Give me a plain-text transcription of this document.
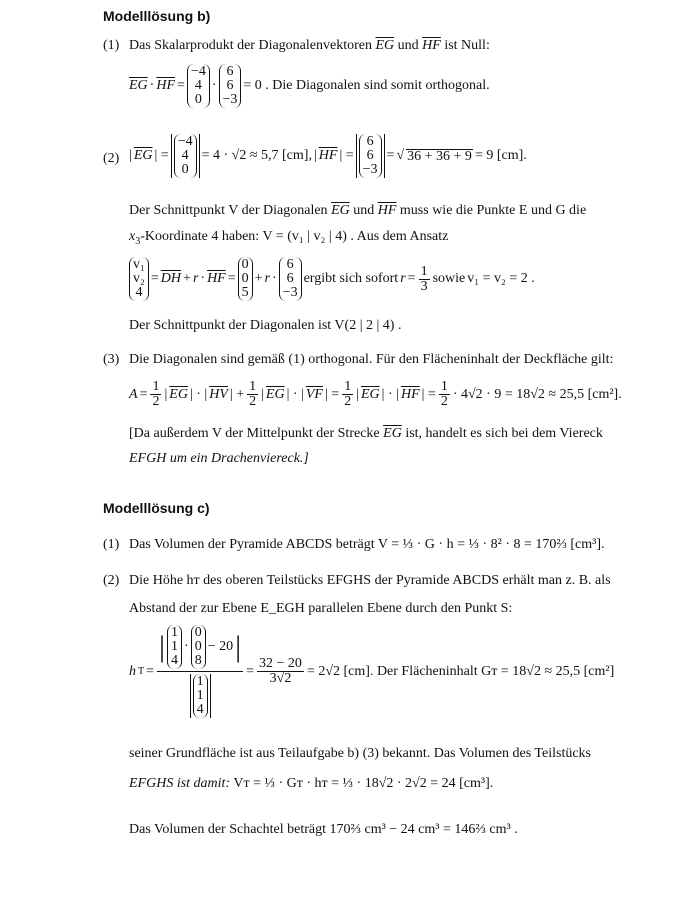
Modelllösung b)
(1) Das Skalarprodukt der Diagonalenvektoren $\overline{EG}$ und $\overline{HF}$ ist Null:
$\overline{EG} \cdot \overline{HF}$ =
−4
4
0
·
6
6
−3
= 0 . Die Diagonalen sind somit orthogonal.
(2) | $\overline{EG}$ | =
−4
4
0
= 4 · √2 ≈ 5,7 [cm], | $\overline{HF}$ | =
6
6
−3
= √ 36 + 36 + 9 = 9 [cm].
Der Schnittpunkt V der Diagonalen $\overline{EG}$ und $\overline{HF}$ muss wie die Punkte E und G die
$x_3$-Koordinate 4 haben: V = (v₁ | v₂ | 4) . Aus dem Ansatz
v₁
v₂
4
= $\overline{DH} + r \cdot \overline{HF}$ =
0
0
5
+ r ·
6
6
−3
ergibt sich sofort $r = \frac{1}{3}$ sowie v₁ = v₂ = 2 .
Der Schnittpunkt der Diagonalen ist V(2 | 2 | 4) .
(3) Die Diagonalen sind gemäß (1) orthogonal. Für den Flächeninhalt der Deckfläche gilt:
$A = \frac{1}{2}$ | $\overline{EG}$ | · | $\overline{HV}$ | + $\frac{1}{2}$ | $\overline{EG}$ | · | $\overline{VF}$ | = $\frac{1}{2}$ | $\overline{EG}$ | · | $\overline{HF}$ | = $\frac{1}{2} \cdot 4√2 \cdot 9 = 18√2 \approx 25,5$ [cm²].
[Da außerdem V der Mittelpunkt der Strecke $\overline{EG}$ ist, handelt es sich bei dem Viereck
EFGH um ein Drachenviereck.]
Modelllösung c)
(1) Das Volumen der Pyramide ABCDS beträgt V = ⅓ · G · h = ⅓ · 8² · 8 = 170⅔ [cm³].
(2) Die Höhe hᴛ des oberen Teilstücks EFGHS der Pyramide ABCDS erhält man z. B. als
Abstand der zur Ebene E_EGH parallelen Ebene durch den Punkt S:
h T = | 1
1
4
·
0
0
8
− 20 |
1
1
$4 = \frac{32 - 20}{3√2} = 2√2$ [cm]. Der Flächeninhalt Gᴛ = 18√2 ≈ 25,5 [cm²]
seiner Grundfläche ist aus Teilaufgabe b) (3) bekannt. Das Volumen des Teilstücks
EFGHS ist damit: Vᴛ = ⅓ · Gᴛ · hᴛ = ⅓ · 18√2 · 2√2 = 24 [cm³].
Das Volumen der Schachtel beträgt 170⅔ cm³ − 24 cm³ = 146⅔ cm³ .
